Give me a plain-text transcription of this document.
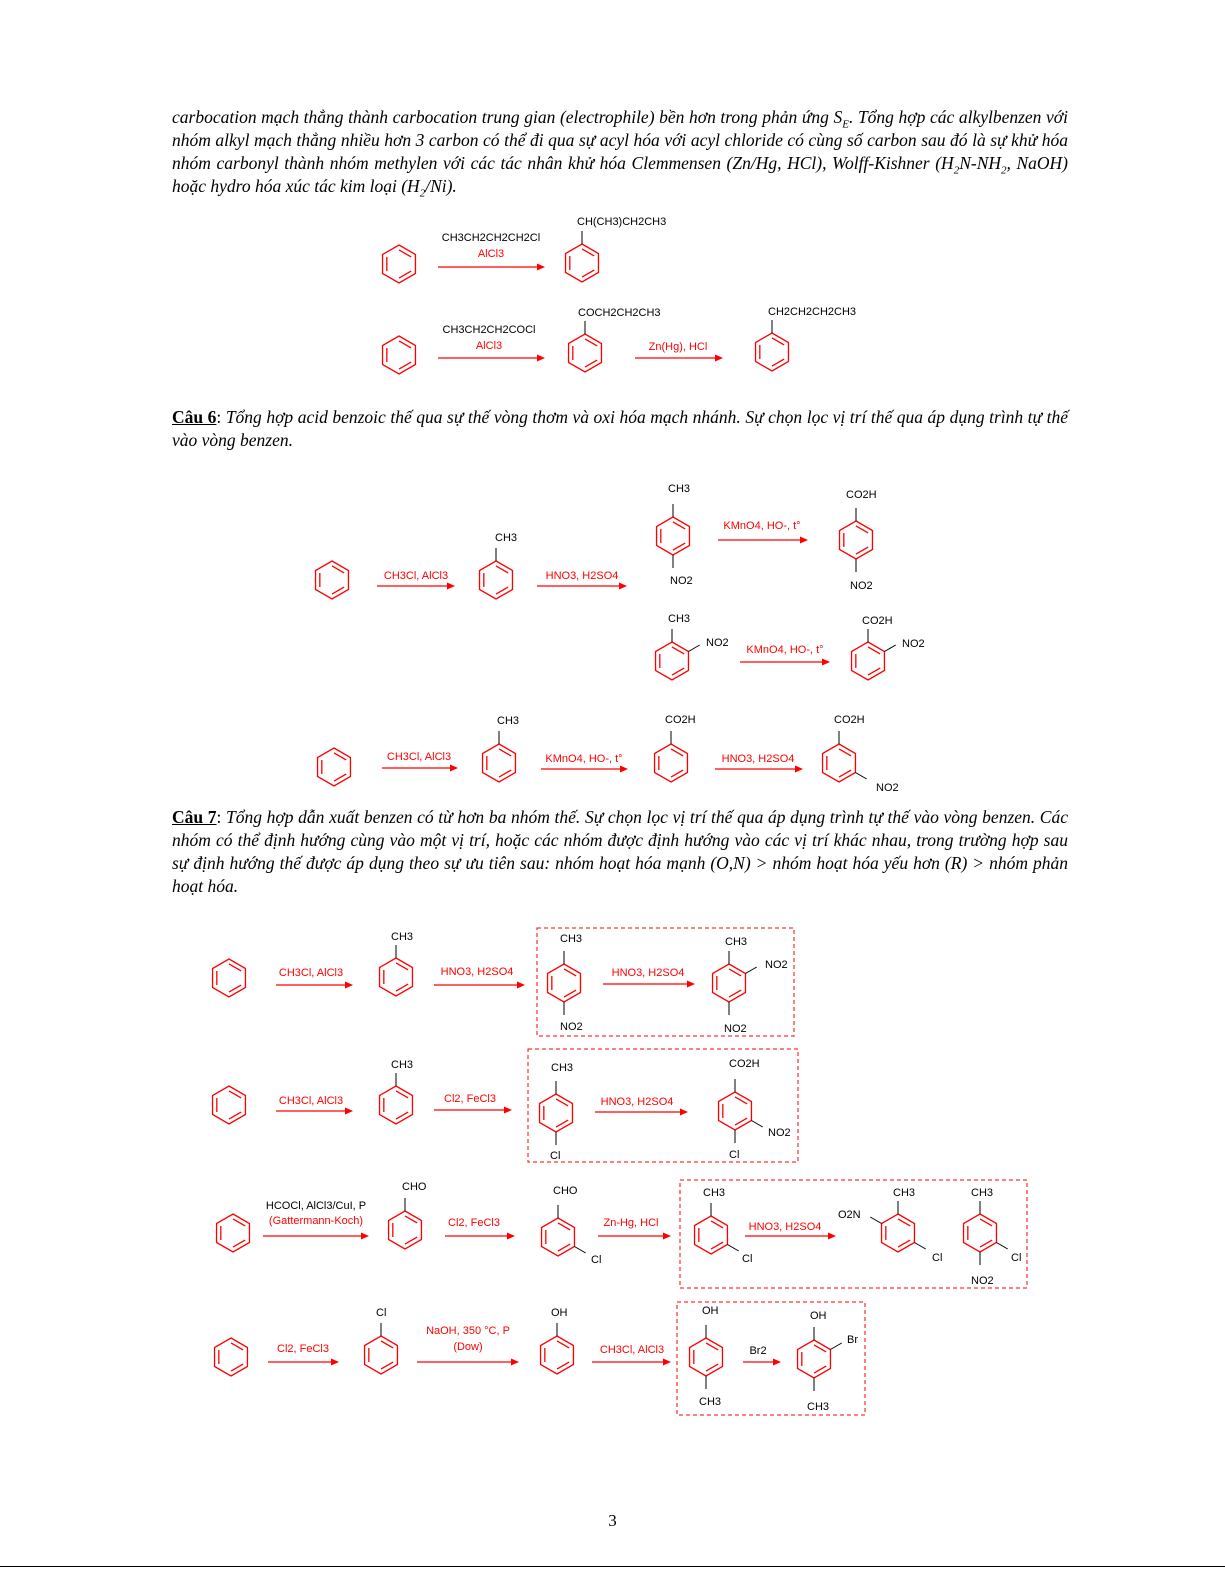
carbocation mạch thẳng thành carbocation trung gian (electrophile) bền hơn trong phản ứng $S_E$. Tổng hợp các alkylbenzen với nhóm alkyl mạch thẳng nhiều hơn 3 carbon có thể đi qua sự acyl hóa với acyl chloride có cùng số carbon sau đó là sự khử hóa nhóm carbonyl thành nhóm methylen với các tác nhân khử hóa Clemmensen (Zn/Hg, HCl), Wolff-Kishner ($H_2N-NH_2$, NaOH) hoặc hydro hóa xúc tác kim loại $(H_2/Ni)$.

CH3CH2CH2CH2Cl
AlCl3
CH(CH3)CH2CH3
CH3CH2CH2COCl
AlCl3
COCH2CH2CH3
Zn(Hg), HCl
CH2CH2CH2CH3

Câu 6: Tổng hợp acid benzoic thế qua sự thế vòng thơm và oxi hóa mạch nhánh. Sự chọn lọc vị trí thế qua áp dụng trình tự thế vào vòng benzen.

CH3Cl, AlCl3
CH3
HNO3, H2SO4
CH3
NO2
KMnO4, HO-, t°
CO2H
NO2
CH3
NO2
KMnO4, HO-, t°
CO2H
NO2
CH3Cl, AlCl3
CH3
KMnO4, HO-, t°
CO2H
HNO3, H2SO4
CO2H
NO2

Câu 7: Tổng hợp dẫn xuất benzen có từ hơn ba nhóm thế. Sự chọn lọc vị trí thế qua áp dụng trình tự thế vào vòng benzen. Các nhóm có thể định hướng cùng vào một vị trí, hoặc các nhóm được định hướng vào các vị trí khác nhau, trong trường hợp sau sự định hướng thế được áp dụng theo sự ưu tiên sau: nhóm hoạt hóa mạnh (O,N) > nhóm hoạt hóa yếu hơn (R) > nhóm phản hoạt hóa.

CH3Cl, AlCl3
CH3
HNO3, H2SO4
CH3
NO2
HNO3, H2SO4
CH3
NO2
NO2
CH3Cl, AlCl3
CH3
Cl2, FeCl3
CH3
Cl
HNO3, H2SO4
CO2H
NO2
Cl
HCOCl, AlCl3/CuI, P
(Gattermann-Koch)
CHO
Cl2, FeCl3
CHO
Cl
Zn-Hg, HCl
CH3
Cl
HNO3, H2SO4
CH3
O2N
Cl
CH3
Cl
NO2
Cl2, FeCl3
Cl
NaOH, 350 °C, P
(Dow)
OH
CH3Cl, AlCl3
OH
CH3
Br2
OH
Br
CH3
3
